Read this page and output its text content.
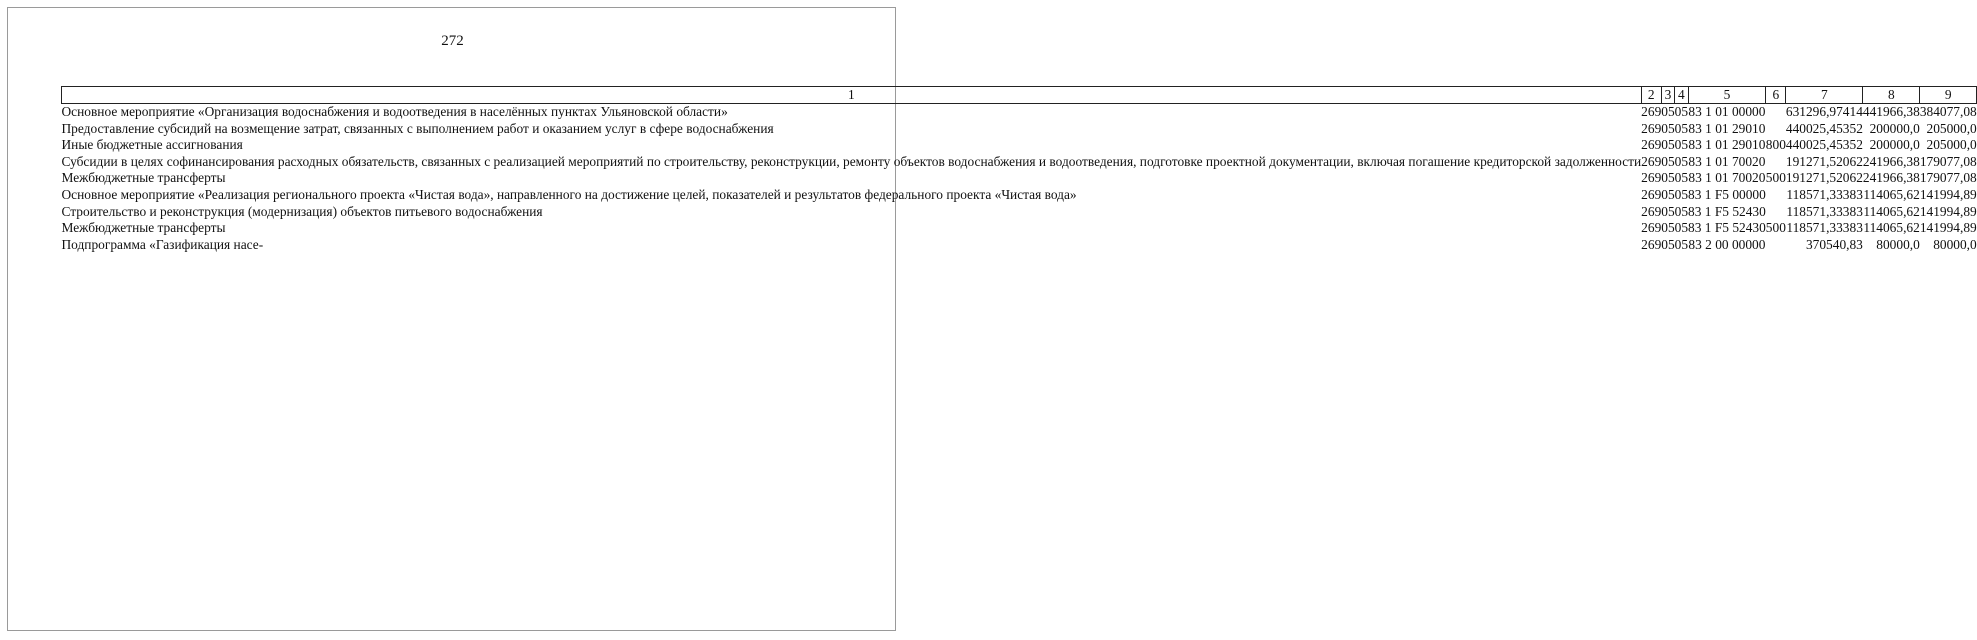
272
1	2	3	4	5	6	7	8	9
Основное мероприятие «Организация водоснабжения и водоотведения в населённых пунктах Ульяновской области»	269	05	05	83 1 01 00000		631296,97414	441966,38	384077,08
Предоставление субсидий на возмещение затрат, связанных с выполнением работ и оказанием услуг в сфере водоснабжения	269	05	05	83 1 01 29010		440025,45352	200000,0	205000,0
Иные бюджетные ассигнования	269	05	05	83 1 01 29010	800	440025,45352	200000,0	205000,0
Субсидии в целях софинансирования расходных обязательств, связанных с реализацией мероприятий по строительству, реконструкции, ремонту объектов водоснабжения и водоотведения, подготовке проектной документации, включая погашение кредиторской задолженности	269	05	05	83 1 01 70020		191271,52062	241966,38	179077,08
Межбюджетные трансферты	269	05	05	83 1 01 70020	500	191271,52062	241966,38	179077,08
Основное мероприятие «Реализация регионального проекта «Чистая вода», направленного на достижение целей, показателей и результатов федерального проекта «Чистая вода»	269	05	05	83 1 F5 00000		118571,33383	114065,62	141994,89
Строительство и реконструкция (модернизация) объектов питьевого водоснабжения	269	05	05	83 1 F5 52430		118571,33383	114065,62	141994,89
Межбюджетные трансферты	269	05	05	83 1 F5 52430	500	118571,33383	114065,62	141994,89
Подпрограмма «Газификация насе-	269	05	05	83 2 00 00000		370540,83	80000,0	80000,0
